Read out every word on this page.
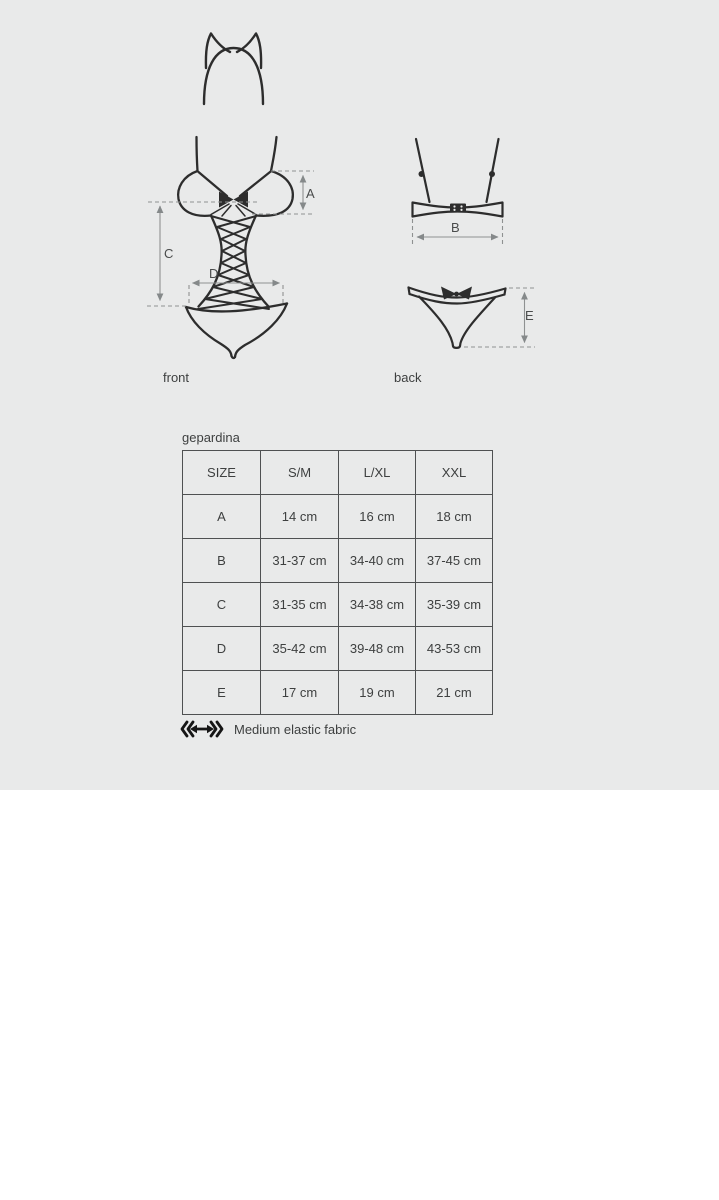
A
B
C
D
E
front	back
gepardina
SIZE	S/M	L/XL	XXL
A	14 cm	16 cm	18 cm
B	31-37 cm	34-40 cm	37-45 cm
C	31-35 cm	34-38 cm	35-39 cm
D	35-42 cm	39-48 cm	43-53 cm
E	17 cm	19 cm	21 cm
Medium elastic fabric
